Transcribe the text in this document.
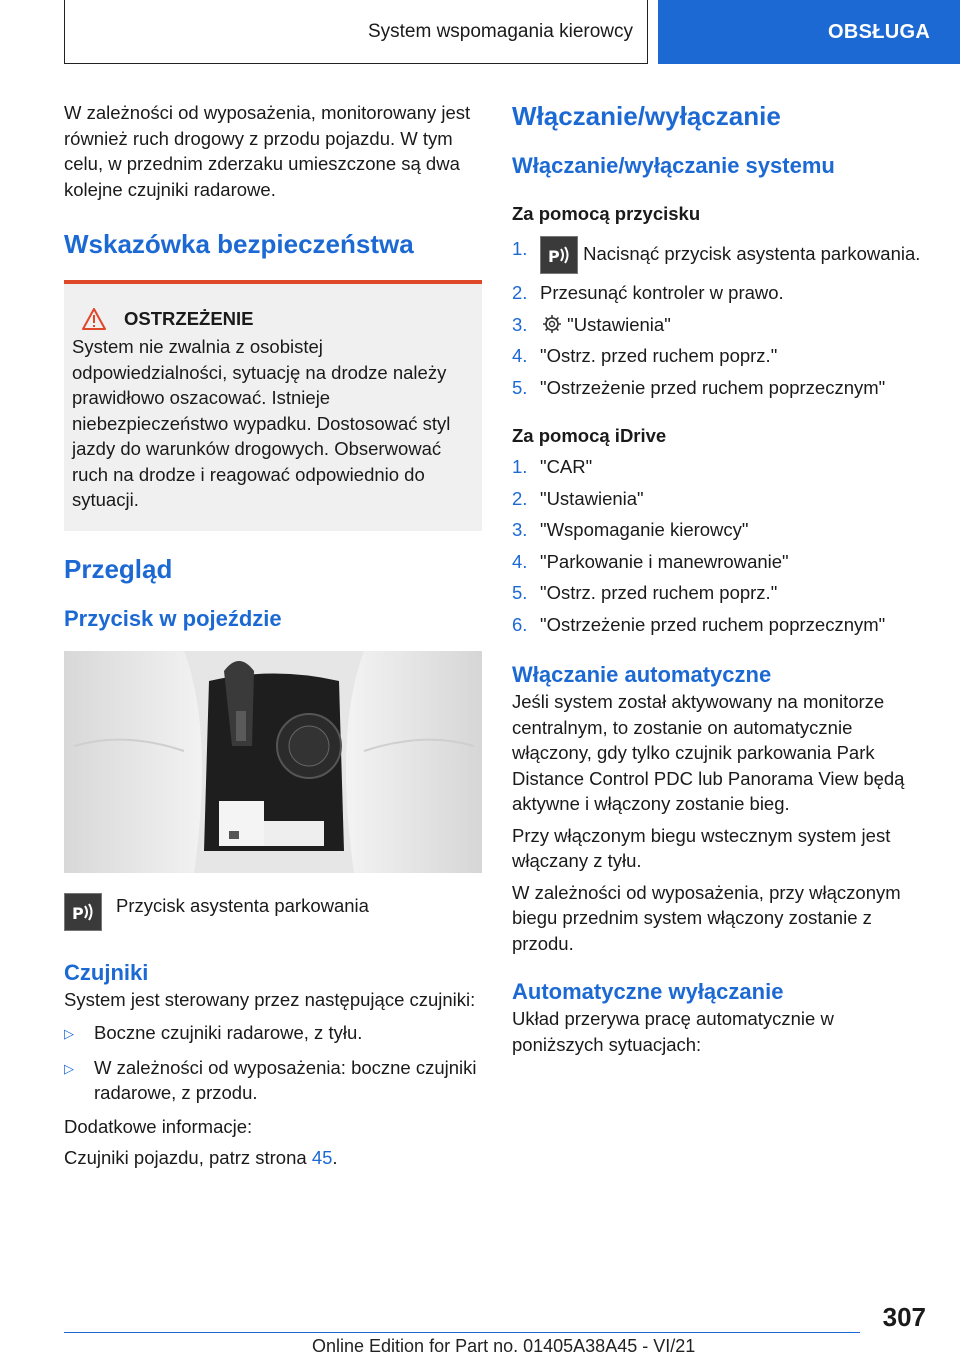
System wspomagania kierowcy	OBSŁUGA

W zależności od wyposażenia, monitorowany jest również ruch drogowy z przodu pojazdu. W tym celu, w przednim zderzaku umieszczone są dwa kolejne czujniki radarowe.

Wskazówka bezpieczeństwa
OSTRZEŻENIE

System nie zwalnia z osobistej odpowiedzialności, sytuację na drodze należy prawidłowo oszacować. Istnieje niebezpieczeństwo wypadku. Dostosować styl jazdy do warunków drogowych. Obserwować ruch na drodze i reagować odpowiednio do sytuacji.

Przegląd
Przycisk w pojeździe
P Przycisk asystenta parkowania

Czujniki

System jest sterowany przez następujące czujniki:

▷	Boczne czujniki radarowe, z tyłu.
▷	W zależności od wyposażenia: boczne czujniki radarowe, z przodu.

Dodatkowe informacje:

Czujniki pojazdu, patrz strona 45.

Włączanie/wyłączanie
Włączanie/wyłączanie systemu
Za pomocą przycisku
1.	P Nacisnąć przycisk asystenta parkowania.
2. Przesunąć kontroler w prawo.
3.	"Ustawienia"
4. "Ostrz. przed ruchem poprz."
5. "Ostrzeżenie przed ruchem poprzecznym"
Za pomocą iDrive
1. "CAR"
2. "Ustawienia"
3. "Wspomaganie kierowcy"
4. "Parkowanie i manewrowanie"
5. "Ostrz. przed ruchem poprz."
6. "Ostrzeżenie przed ruchem poprzecznym"
Włączanie automatyczne

Jeśli system został aktywowany na monitorze centralnym, to zostanie on automatycznie włączony, gdy tylko czujnik parkowania Park Distance Control PDC lub Panorama View będą aktywne i włączony zostanie bieg.

Przy włączonym biegu wstecznym system jest włączany z tyłu.

W zależności od wyposażenia, przy włączonym biegu przednim system włączony zostanie z przodu.

Automatyczne wyłączanie

Układ przerywa pracę automatycznie w poniższych sytuacjach:

307
Online Edition for Part no. 01405A38A45 - VI/21
